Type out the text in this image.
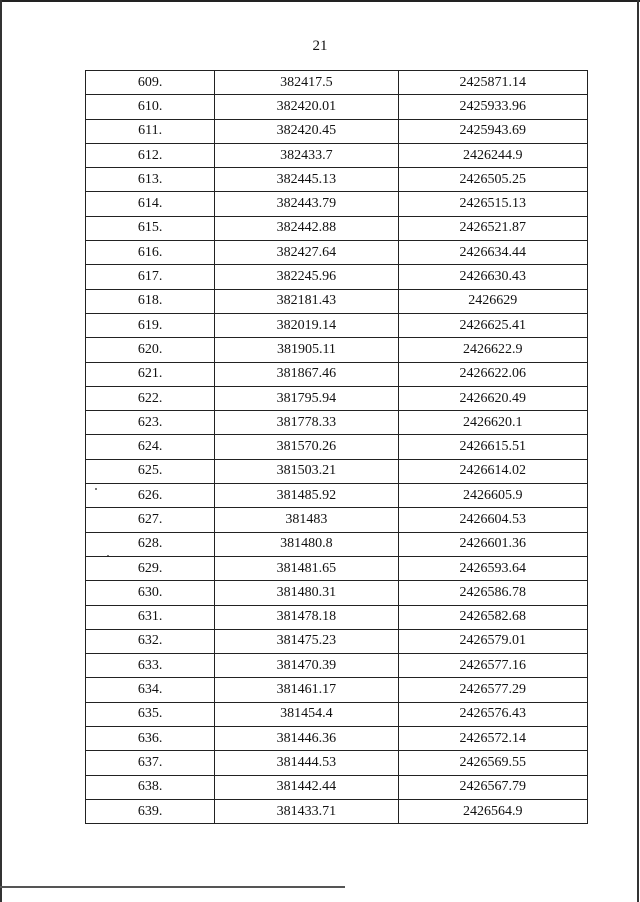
21
609.	382417.5	2425871.14
610.	382420.01	2425933.96
611.	382420.45	2425943.69
612.	382433.7	2426244.9
613.	382445.13	2426505.25
614.	382443.79	2426515.13
615.	382442.88	2426521.87
616.	382427.64	2426634.44
617.	382245.96	2426630.43
618.	382181.43	2426629
619.	382019.14	2426625.41
620.	381905.11	2426622.9
621.	381867.46	2426622.06
622.	381795.94	2426620.49
623.	381778.33	2426620.1
624.	381570.26	2426615.51
625.	381503.21	2426614.02
626.	381485.92	2426605.9
627.	381483	2426604.53
628.	381480.8	2426601.36
629.	381481.65	2426593.64
630.	381480.31	2426586.78
631.	381478.18	2426582.68
632.	381475.23	2426579.01
633.	381470.39	2426577.16
634.	381461.17	2426577.29
635.	381454.4	2426576.43
636.	381446.36	2426572.14
637.	381444.53	2426569.55
638.	381442.44	2426567.79
639.	381433.71	2426564.9
